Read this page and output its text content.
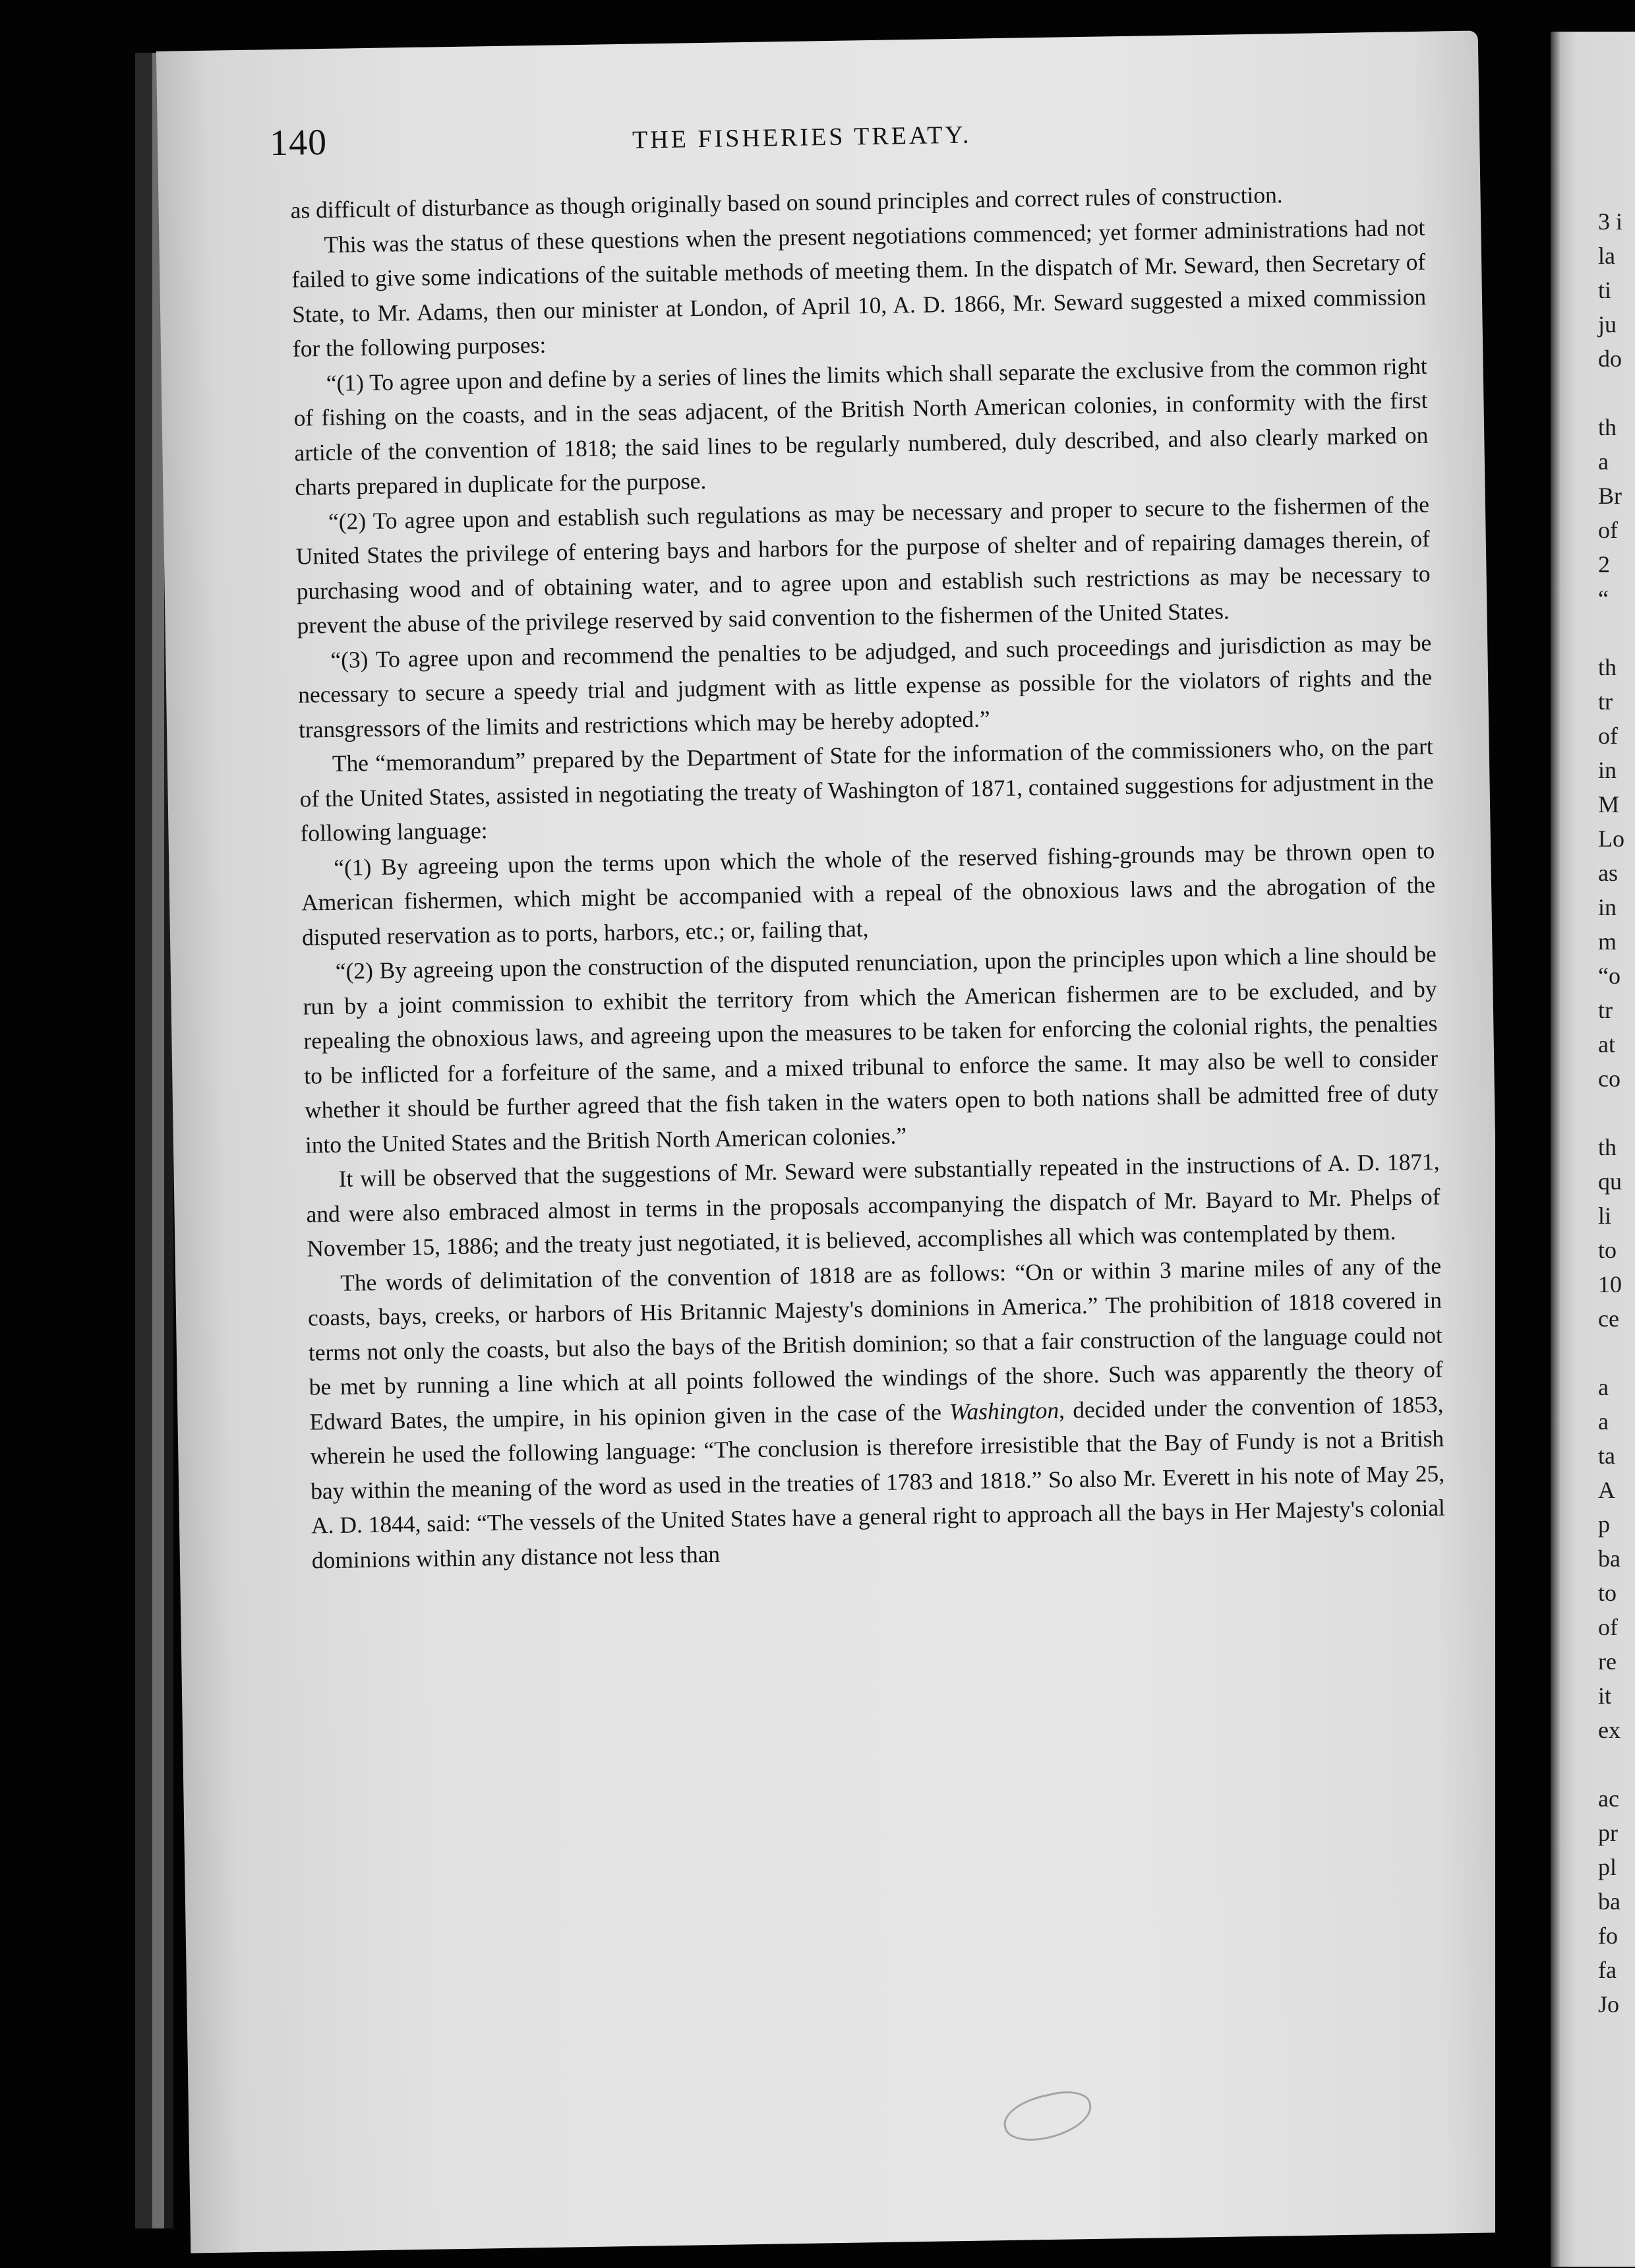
140	THE FISHERIES TREATY.

as difficult of disturbance as though originally based on sound principles and correct rules of construction.

This was the status of these questions when the present negotiations commenced; yet former administrations had not failed to give some indications of the suitable methods of meeting them. In the dispatch of Mr. Seward, then Secretary of State, to Mr. Adams, then our minister at London, of April 10, A. D. 1866, Mr. Seward suggested a mixed commission for the following purposes:

“(1) To agree upon and define by a series of lines the limits which shall separate the exclusive from the common right of fishing on the coasts, and in the seas adjacent, of the British North American colonies, in conformity with the first article of the convention of 1818; the said lines to be regularly numbered, duly described, and also clearly marked on charts prepared in duplicate for the purpose.

“(2) To agree upon and establish such regulations as may be necessary and proper to secure to the fishermen of the United States the privilege of entering bays and harbors for the purpose of shelter and of repairing damages therein, of purchasing wood and of obtaining water, and to agree upon and establish such restrictions as may be necessary to prevent the abuse of the privilege reserved by said convention to the fishermen of the United States.

“(3) To agree upon and recommend the penalties to be adjudged, and such proceedings and jurisdiction as may be necessary to secure a speedy trial and judgment with as little expense as possible for the violators of rights and the transgressors of the limits and restrictions which may be hereby adopted.”

The “memorandum” prepared by the Department of State for the information of the commissioners who, on the part of the United States, assisted in negotiating the treaty of Washington of 1871, contained suggestions for adjustment in the following language:

“(1) By agreeing upon the terms upon which the whole of the reserved fishing-grounds may be thrown open to American fishermen, which might be accompanied with a repeal of the obnoxious laws and the abrogation of the disputed reservation as to ports, harbors, etc.; or, failing that,

“(2) By agreeing upon the construction of the disputed renunciation, upon the principles upon which a line should be run by a joint commission to exhibit the territory from which the American fishermen are to be excluded, and by repealing the obnoxious laws, and agreeing upon the measures to be taken for enforcing the colonial rights, the penalties to be inflicted for a forfeiture of the same, and a mixed tribunal to enforce the same. It may also be well to consider whether it should be further agreed that the fish taken in the waters open to both nations shall be admitted free of duty into the United States and the British North American colonies.”

It will be observed that the suggestions of Mr. Seward were substantially repeated in the instructions of A. D. 1871, and were also embraced almost in terms in the proposals accompanying the dispatch of Mr. Bayard to Mr. Phelps of November 15, 1886; and the treaty just negotiated, it is believed, accomplishes all which was contemplated by them.

The words of delimitation of the convention of 1818 are as follows: “On or within 3 marine miles of any of the coasts, bays, creeks, or harbors of His Britannic Majesty's dominions in America.” The prohibition of 1818 covered in terms not only the coasts, but also the bays of the British dominion; so that a fair construction of the language could not be met by running a line which at all points followed the windings of the shore. Such was apparently the theory of Edward Bates, the umpire, in his opinion given in the case of the Washington, decided under the convention of 1853, wherein he used the following language: “The conclusion is therefore irresistible that the Bay of Fundy is not a British bay within the meaning of the word as used in the treaties of 1783 and 1818.” So also Mr. Everett in his note of May 25, A. D. 1844, said: “The vessels of the United States have a general right to approach all the bays in Her Majesty's colonial dominions within any distance not less than

3 i
la
ti
ju
do
th
a
Br
of
2
“
th
tr
of
in
M
Lo
as
in
m
“o
tr
at
co
th
qu
li
to
10
ce
a
a
ta
A
p
ba
to
of
re
it
ex
ac
pr
pl
ba
fo
fa
Jo
